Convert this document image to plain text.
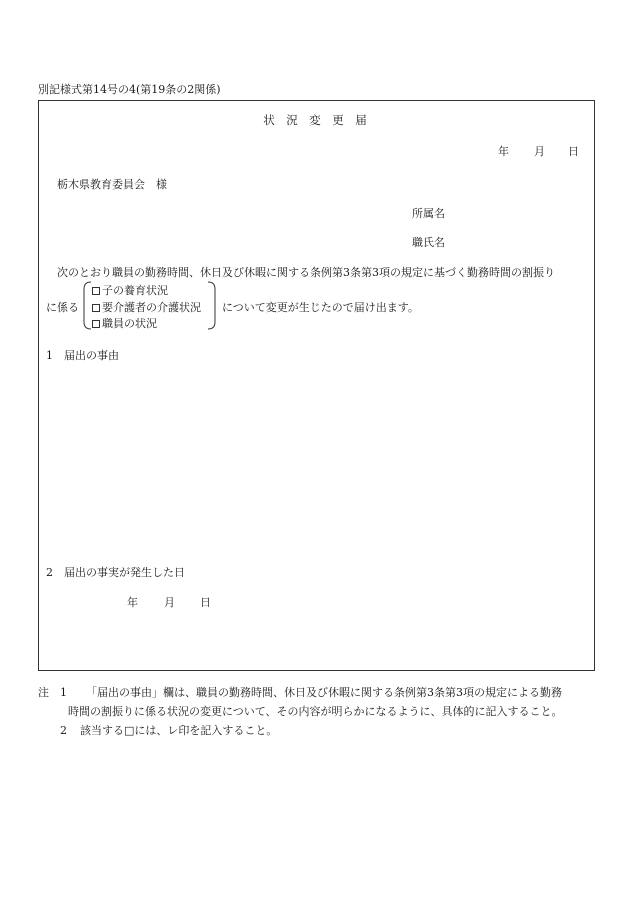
別記様式第14号の4(第19条の2関係)
状　況　変　更　届
年 月 日
栃木県教育委員会　様
所属名
職氏名
次のとおり職員の勤務時間、休日及び休暇に関する条例第3条第3項の規定に基づく勤務時間の割振り
に係る
子の養育状況
要介護者の介護状況
職員の状況
について変更が生じたので届け出ます。
1　届出の事由
2　届出の事実が発生した日
年 月 日
注 1 「届出の事由」欄は、職員の勤務時間、休日及び休暇に関する条例第3条第3項の規定による勤務
時間の割振りに係る状況の変更について、その内容が明らかになるように、具体的に記入すること。
2 該当する□には、レ印を記入すること。
